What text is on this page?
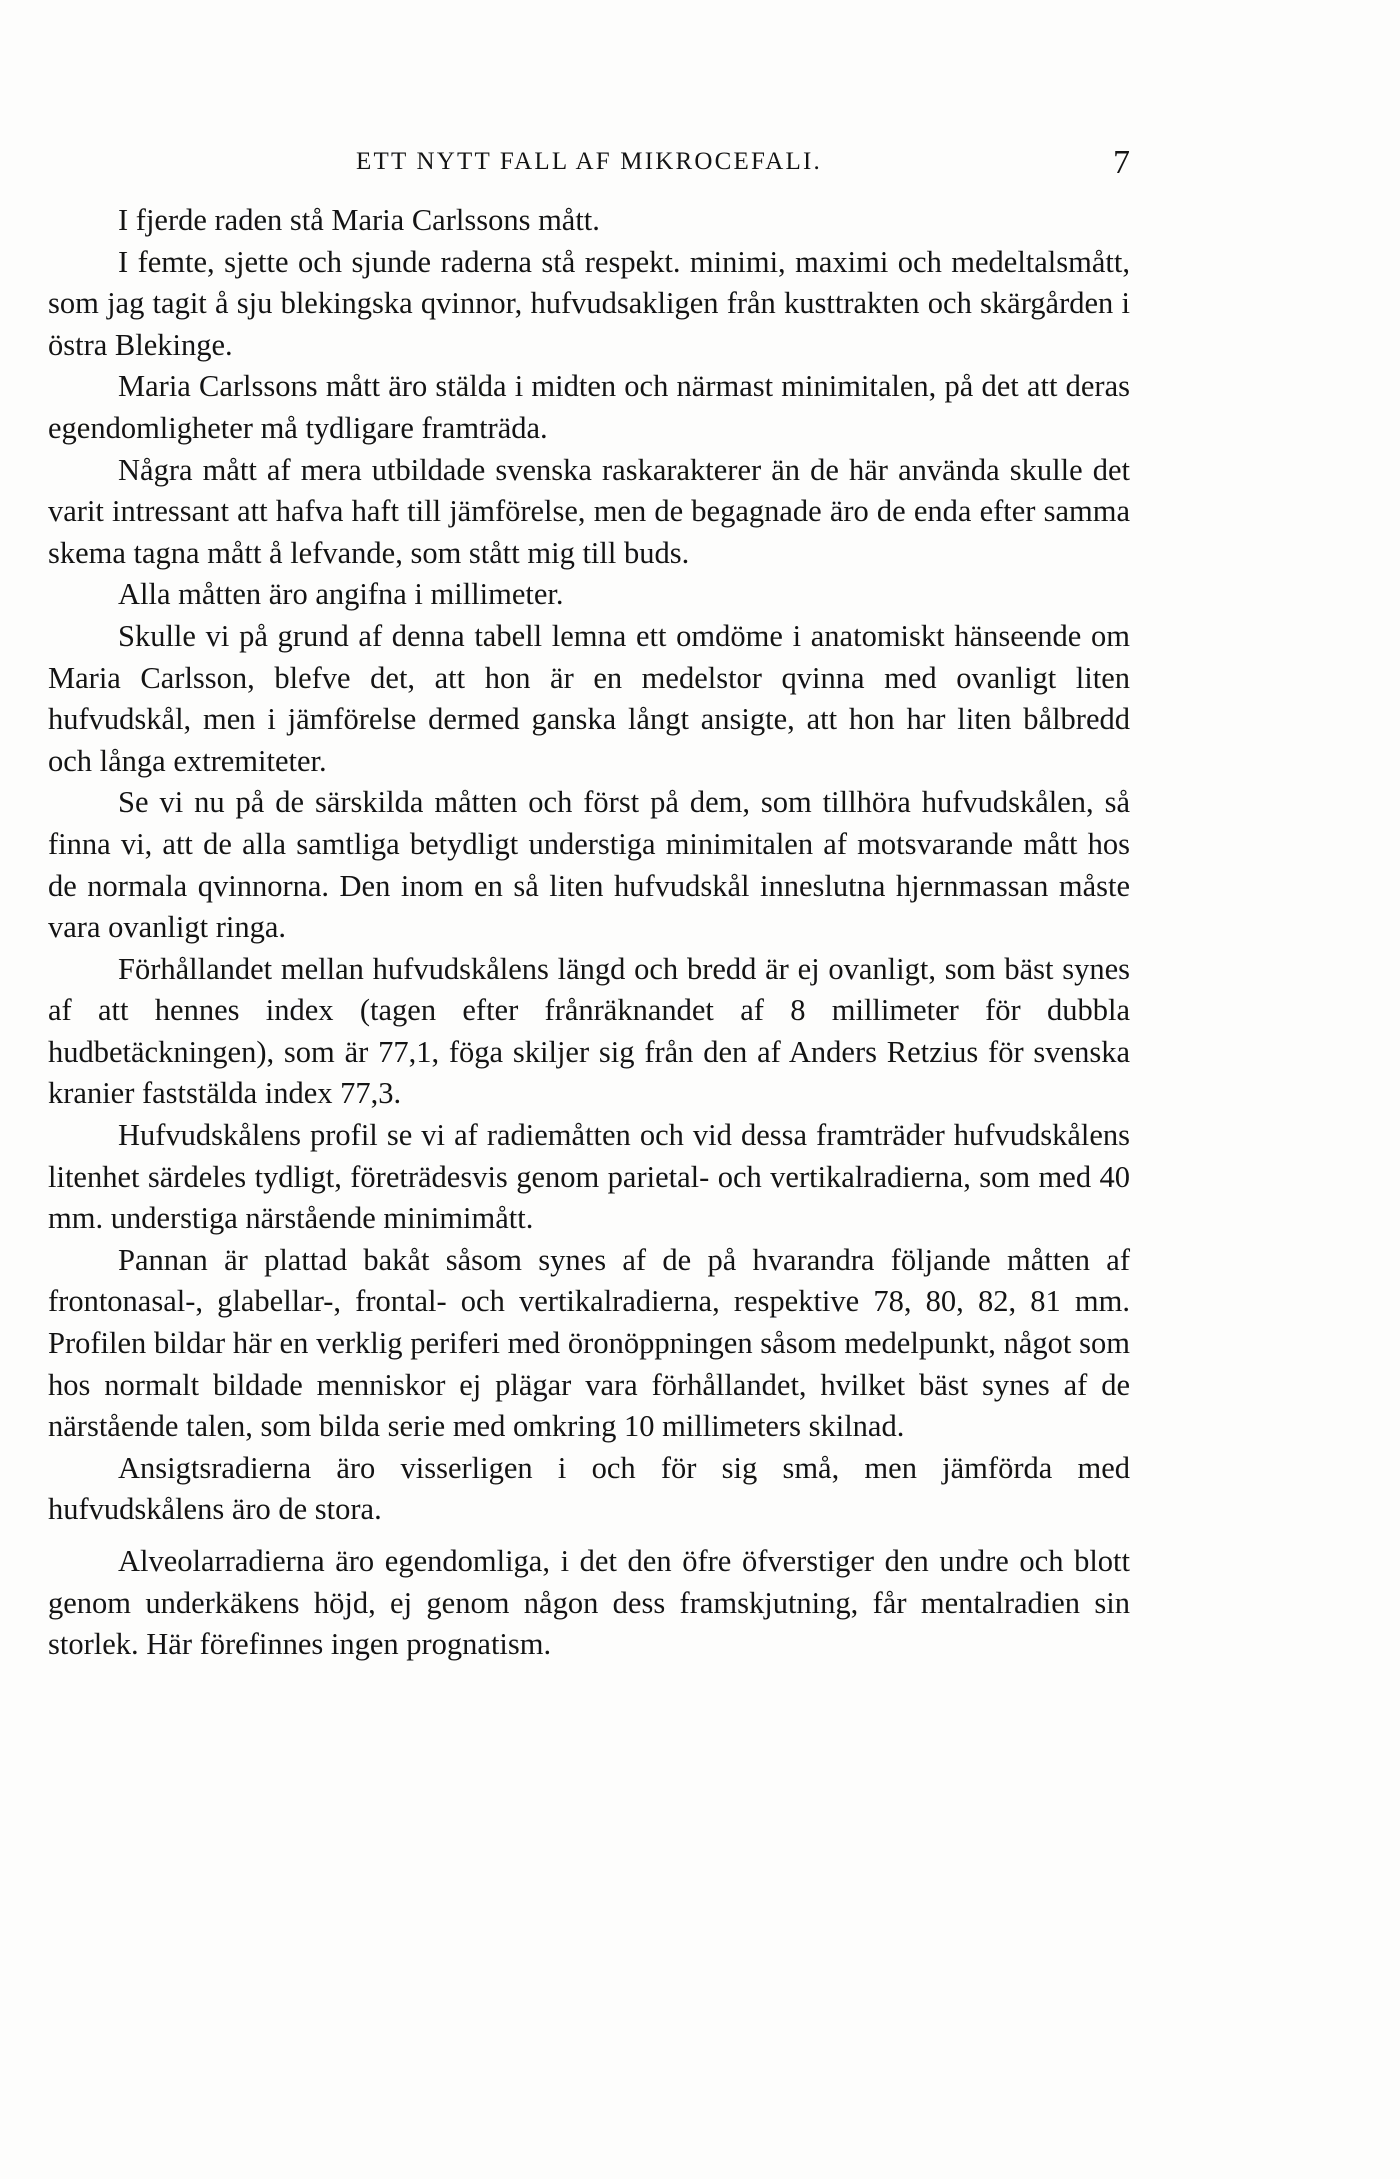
ETT NYTT FALL AF MIKROCEFALI.	7

I fjerde raden stå Maria Carlssons mått.

I femte, sjette och sjunde raderna stå respekt. minimi, maximi och medeltalsmått, som jag tagit å sju blekingska qvinnor, hufvudsakligen från kusttrakten och skärgården i östra Blekinge.

Maria Carlssons mått äro stälda i midten och närmast minimitalen, på det att deras egendomligheter må tydligare framträda.

Några mått af mera utbildade svenska raskarakterer än de här använda skulle det varit intressant att hafva haft till jämförelse, men de begagnade äro de enda efter samma skema tagna mått å lefvande, som stått mig till buds.

Alla måtten äro angifna i millimeter.

Skulle vi på grund af denna tabell lemna ett omdöme i anatomiskt hänseende om Maria Carlsson, blefve det, att hon är en medelstor qvinna med ovanligt liten hufvudskål, men i jämförelse dermed ganska långt ansigte, att hon har liten bålbredd och långa extremiteter.

Se vi nu på de särskilda måtten och först på dem, som tillhöra hufvudskålen, så finna vi, att de alla samtliga betydligt understiga minimitalen af motsvarande mått hos de normala qvinnorna. Den inom en så liten hufvudskål inneslutna hjernmassan måste vara ovanligt ringa.

Förhållandet mellan hufvudskålens längd och bredd är ej ovanligt, som bäst synes af att hennes index (tagen efter frånräknandet af 8 millimeter för dubbla hudbetäckningen), som är 77,1, föga skiljer sig från den af Anders Retzius för svenska kranier faststälda index 77,3.

Hufvudskålens profil se vi af radiemåtten och vid dessa framträder hufvudskålens litenhet särdeles tydligt, företrädesvis genom parietal- och vertikalradierna, som med 40 mm. understiga närstående minimimått.

Pannan är plattad bakåt såsom synes af de på hvarandra följande måtten af frontonasal-, glabellar-, frontal- och vertikalradierna, respektive 78, 80, 82, 81 mm. Profilen bildar här en verklig periferi med öronöppningen såsom medelpunkt, något som hos normalt bildade menniskor ej plägar vara förhållandet, hvilket bäst synes af de närstående talen, som bilda serie med omkring 10 millimeters skilnad.

Ansigtsradierna äro visserligen i och för sig små, men jämförda med hufvudskålens äro de stora.

Alveolarradierna äro egendomliga, i det den öfre öfverstiger den undre och blott genom underkäkens höjd, ej genom någon dess framskjutning, får mentalradien sin storlek. Här förefinnes ingen prognatism.
